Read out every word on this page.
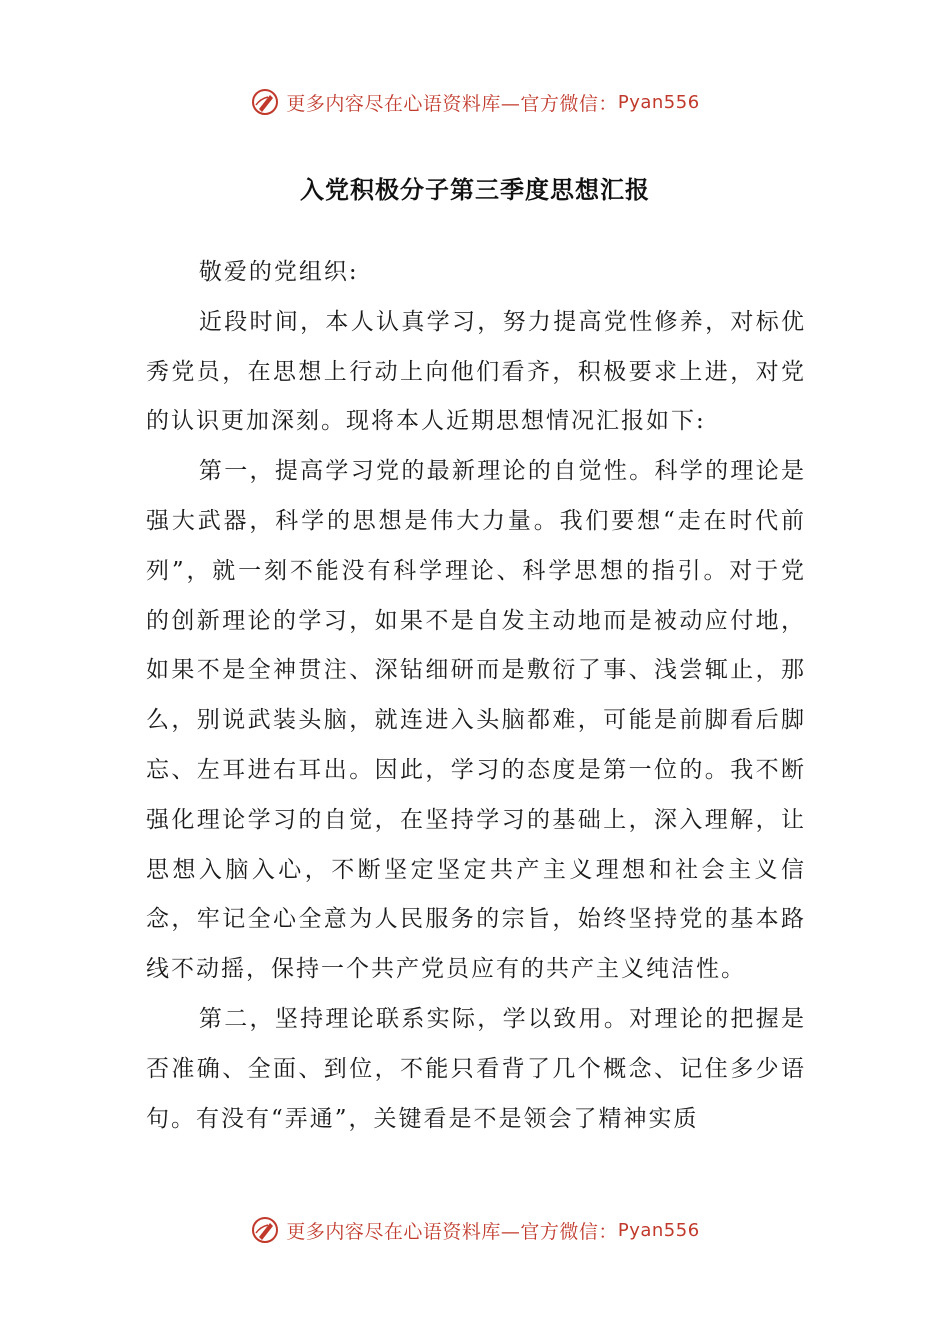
更多内容尽在心语资料库 —官方微信： Pyan556
入党积极分子第三季度思想汇报

敬爱的党组织:

近段时间，本人认真学习，努力提高党性修养，对标优秀党员，在思想上行动上向他们看齐，积极要求上进，对党的认识更加深刻。现将本人近期思想情况汇报如下:

第一，提高学习党的最新理论的自觉性。科学的理论是强大武器，科学的思想是伟大力量。我们要想“走在时代前列”，就一刻不能没有科学理论、科学思想的指引。对于党的创新理论的学习，如果不是自发主动地而是被动应付地，如果不是全神贯注、深钻细研而是敷衍了事、浅尝辄止，那么，别说武装头脑，就连进入头脑都难，可能是前脚看后脚忘、左耳进右耳出。因此，学习的态度是第一位的。我不断强化理论学习的自觉，在坚持学习的基础上，深入理解，让思想入脑入心，不断坚定坚定共产主义理想和社会主义信念，牢记全心全意为人民服务的宗旨，始终坚持党的基本路线不动摇，保持一个共产党员应有的共产主义纯洁性。

第二，坚持理论联系实际，学以致用。对理论的把握是否准确、全面、到位，不能只看背了几个概念、记住多少语句。有没有“弄通”，关键看是不是领会了精神实质

更多内容尽在心语资料库 —官方微信： Pyan556
